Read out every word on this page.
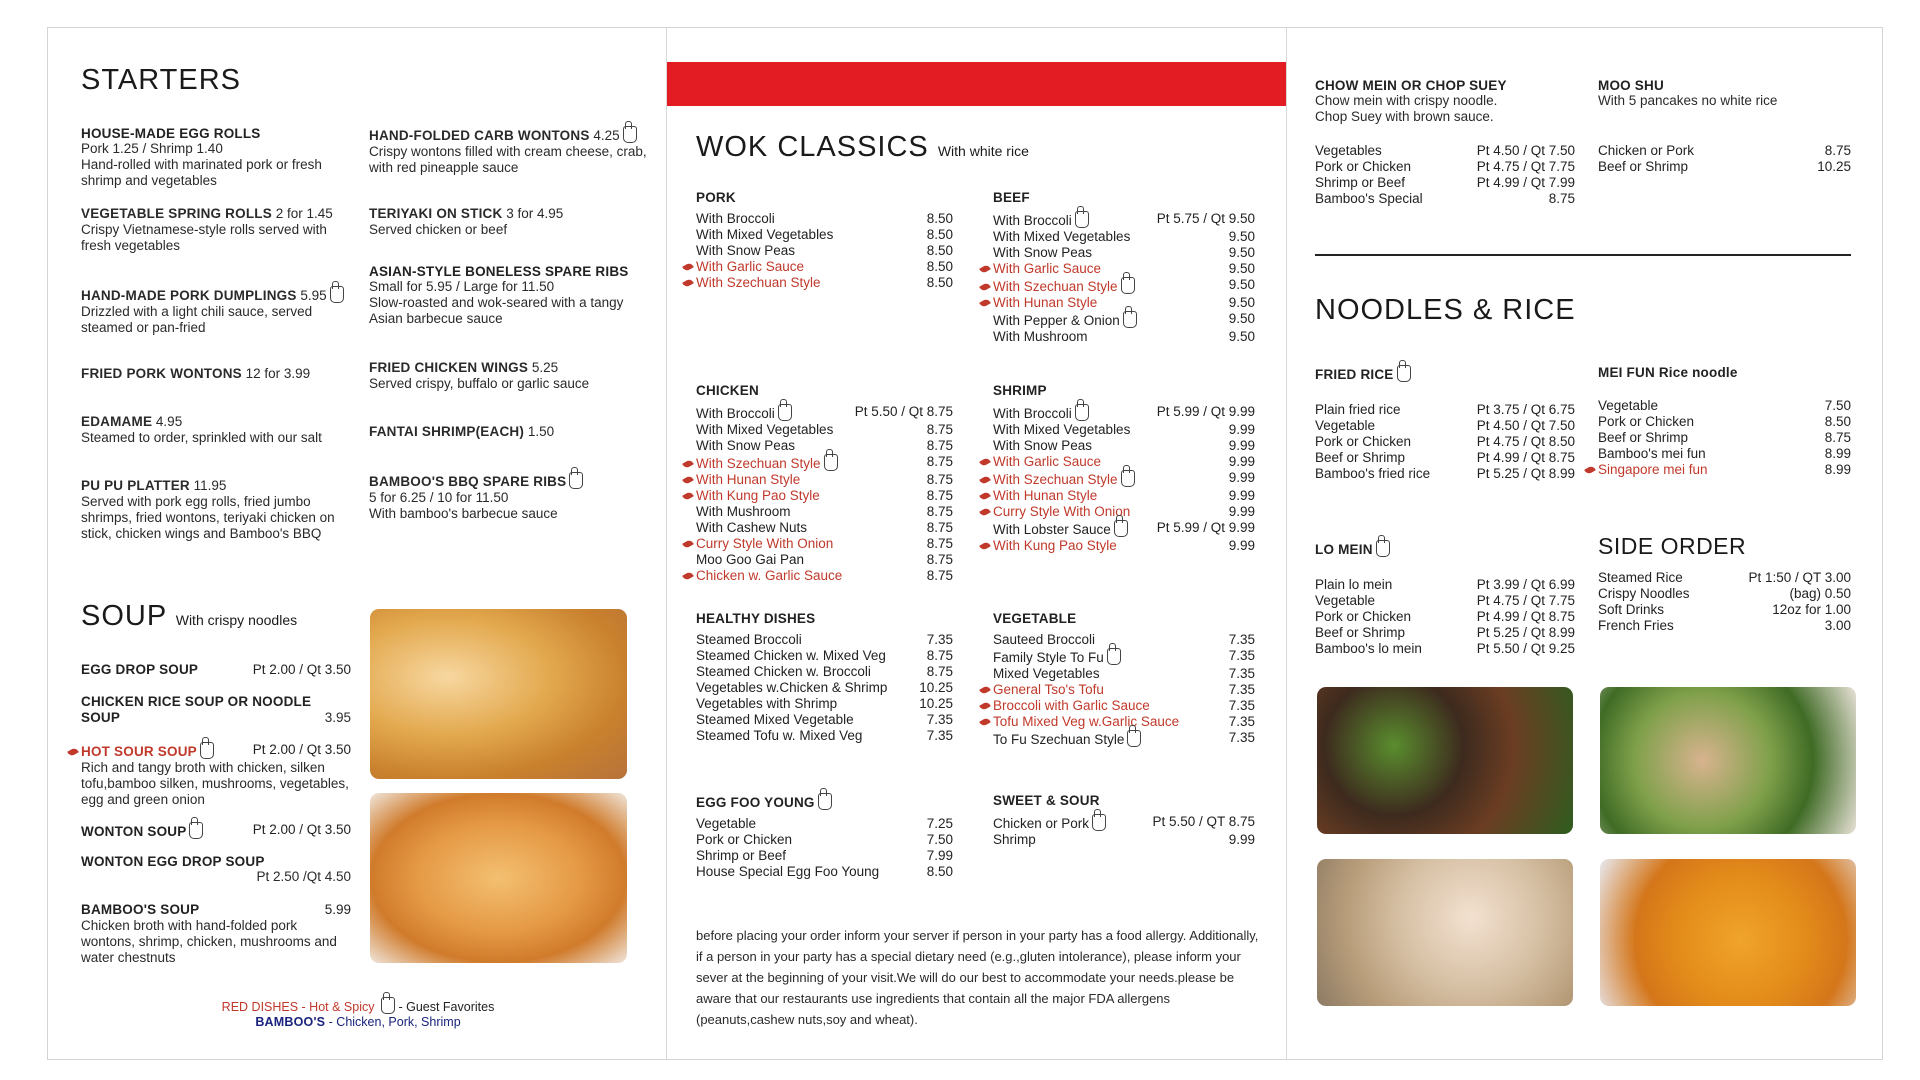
STARTERS
HOUSE-MADE EGG ROLLS
Pork 1.25 / Shrimp 1.40
Hand-rolled with marinated pork or fresh shrimp and vegetables
VEGETABLE SPRING ROLLS 2 for 1.45
Crispy Vietnamese-style rolls served with fresh vegetables
HAND-MADE PORK DUMPLINGS 5.95
Drizzled with a light chili sauce, served steamed or pan-fried
FRIED PORK WONTONS 12 for 3.99
EDAMAME 4.95
Steamed to order, sprinkled with our salt
PU PU PLATTER 11.95
Served with pork egg rolls, fried jumbo shrimps, fried wontons, teriyaki chicken on stick, chicken wings and Bamboo's BBQ
HAND-FOLDED CARB WONTONS 4.25
Crispy wontons filled with cream cheese, crab, with red pineapple sauce
TERIYAKI ON STICK 3 for 4.95
Served chicken or beef
ASIAN-STYLE BONELESS SPARE RIBS
Small for 5.95 / Large for 11.50
Slow-roasted and wok-seared with a tangy Asian barbecue sauce
FRIED CHICKEN WINGS 5.25
Served crispy, buffalo or garlic sauce
FANTAI SHRIMP(EACH) 1.50
BAMBOO'S BBQ SPARE RIBS
5 for 6.25 / 10 for 11.50
With bamboo's barbecue sauce
SOUP With crispy noodles
EGG DROP SOUP	Pt 2.00 / Qt 3.50
CHICKEN RICE SOUP OR NOODLE SOUP	3.95
HOT SOUR SOUP	Pt 2.00 / Qt 3.50
Rich and tangy broth with chicken, silken tofu,bamboo silken, mushrooms, vegetables, egg and green onion
WONTON SOUP	Pt 2.00 / Qt 3.50
WONTON EGG DROP SOUP
Pt 2.50 /Qt 4.50
BAMBOO'S SOUP	5.99
Chicken broth with hand-folded pork wontons, shrimp, chicken, mushrooms and water chestnuts
RED DISHES - Hot & Spicy  - Guest Favorites
BAMBOO'S - Chicken, Pork, Shrimp
WOK CLASSICS With white rice
PORK
With Broccoli	8.50
With Mixed Vegetables	8.50
With Snow Peas	8.50
With Garlic Sauce	8.50
With Szechuan Style	8.50
BEEF
With Broccoli	Pt 5.75 / Qt 9.50
With Mixed Vegetables	9.50
With Snow Peas	9.50
With Garlic Sauce	9.50
With Szechuan Style	9.50
With Hunan Style	9.50
With Pepper & Onion	9.50
With Mushroom	9.50
CHICKEN
With Broccoli	Pt 5.50 / Qt 8.75
With Mixed Vegetables	8.75
With Snow Peas	8.75
With Szechuan Style	8.75
With Hunan Style	8.75
With Kung Pao Style	8.75
With Mushroom	8.75
With Cashew Nuts	8.75
Curry Style With Onion	8.75
Moo Goo Gai Pan	8.75
Chicken w. Garlic Sauce	8.75
SHRIMP
With Broccoli	Pt 5.99 / Qt 9.99
With Mixed Vegetables	9.99
With Snow Peas	9.99
With Garlic Sauce	9.99
With Szechuan Style	9.99
With Hunan Style	9.99
Curry Style With Onion	9.99
With Lobster Sauce	Pt 5.99 / Qt 9.99
With Kung Pao Style	9.99
HEALTHY DISHES
Steamed Broccoli	7.35
Steamed Chicken w. Mixed Veg	8.75
Steamed Chicken w. Broccoli	8.75
Vegetables w.Chicken & Shrimp 10.25
Vegetables with Shrimp	10.25
Steamed Mixed Vegetable	7.35
Steamed Tofu w. Mixed Veg	7.35
VEGETABLE
Sauteed Broccoli	7.35
Family Style To Fu	7.35
Mixed Vegetables	7.35
General Tso's Tofu	7.35
Broccoli with Garlic Sauce	7.35
Tofu Mixed Veg w.Garlic Sauce	7.35
To Fu Szechuan Style	7.35
EGG FOO YOUNG
Vegetable	7.25
Pork or Chicken	7.50
Shrimp or Beef	7.99
House Special Egg Foo Young	8.50
SWEET & SOUR
Chicken or Pork	Pt 5.50 / QT 8.75
Shrimp	9.99
before placing your order inform your server if person in your party has a food allergy. Additionally, if a person in your party has a special dietary need (e.g.,gluten intolerance), please inform your sever at the beginning of your visit.We will do our best to accommodate your needs.please be aware that our restaurants use ingredients that contain all the major FDA allergens (peanuts,cashew nuts,soy and wheat).
CHOW MEIN OR CHOP SUEY
Chow mein with crispy noodle.
Chop Suey with brown sauce.
Vegetables	Pt 4.50 / Qt 7.50
Pork or Chicken	Pt 4.75 / Qt 7.75
Shrimp or Beef	Pt 4.99 / Qt 7.99
Bamboo's Special	8.75
MOO SHU
With 5 pancakes no white rice
Chicken or Pork	8.75
Beef or Shrimp	10.25
NOODLES & RICE
FRIED RICE
Plain fried rice	Pt 3.75 / Qt 6.75
Vegetable	Pt 4.50 / Qt 7.50
Pork or Chicken	Pt 4.75 / Qt 8.50
Beef or Shrimp	Pt 4.99 / Qt 8.75
Bamboo's fried rice	Pt 5.25 / Qt 8.99
MEI FUN Rice noodle
Vegetable	7.50
Pork or Chicken	8.50
Beef or Shrimp	8.75
Bamboo's mei fun	8.99
Singapore mei fun	8.99
LO MEIN
Plain lo mein	Pt 3.99 / Qt 6.99
Vegetable	Pt 4.75 / Qt 7.75
Pork or Chicken	Pt 4.99 / Qt 8.75
Beef or Shrimp	Pt 5.25 / Qt 8.99
Bamboo's lo mein	Pt 5.50 / Qt 9.25
SIDE ORDER
Steamed Rice	Pt 1:50 / QT 3.00
Crispy Noodles	(bag) 0.50
Soft Drinks	12oz for 1.00
French Fries	3.00
